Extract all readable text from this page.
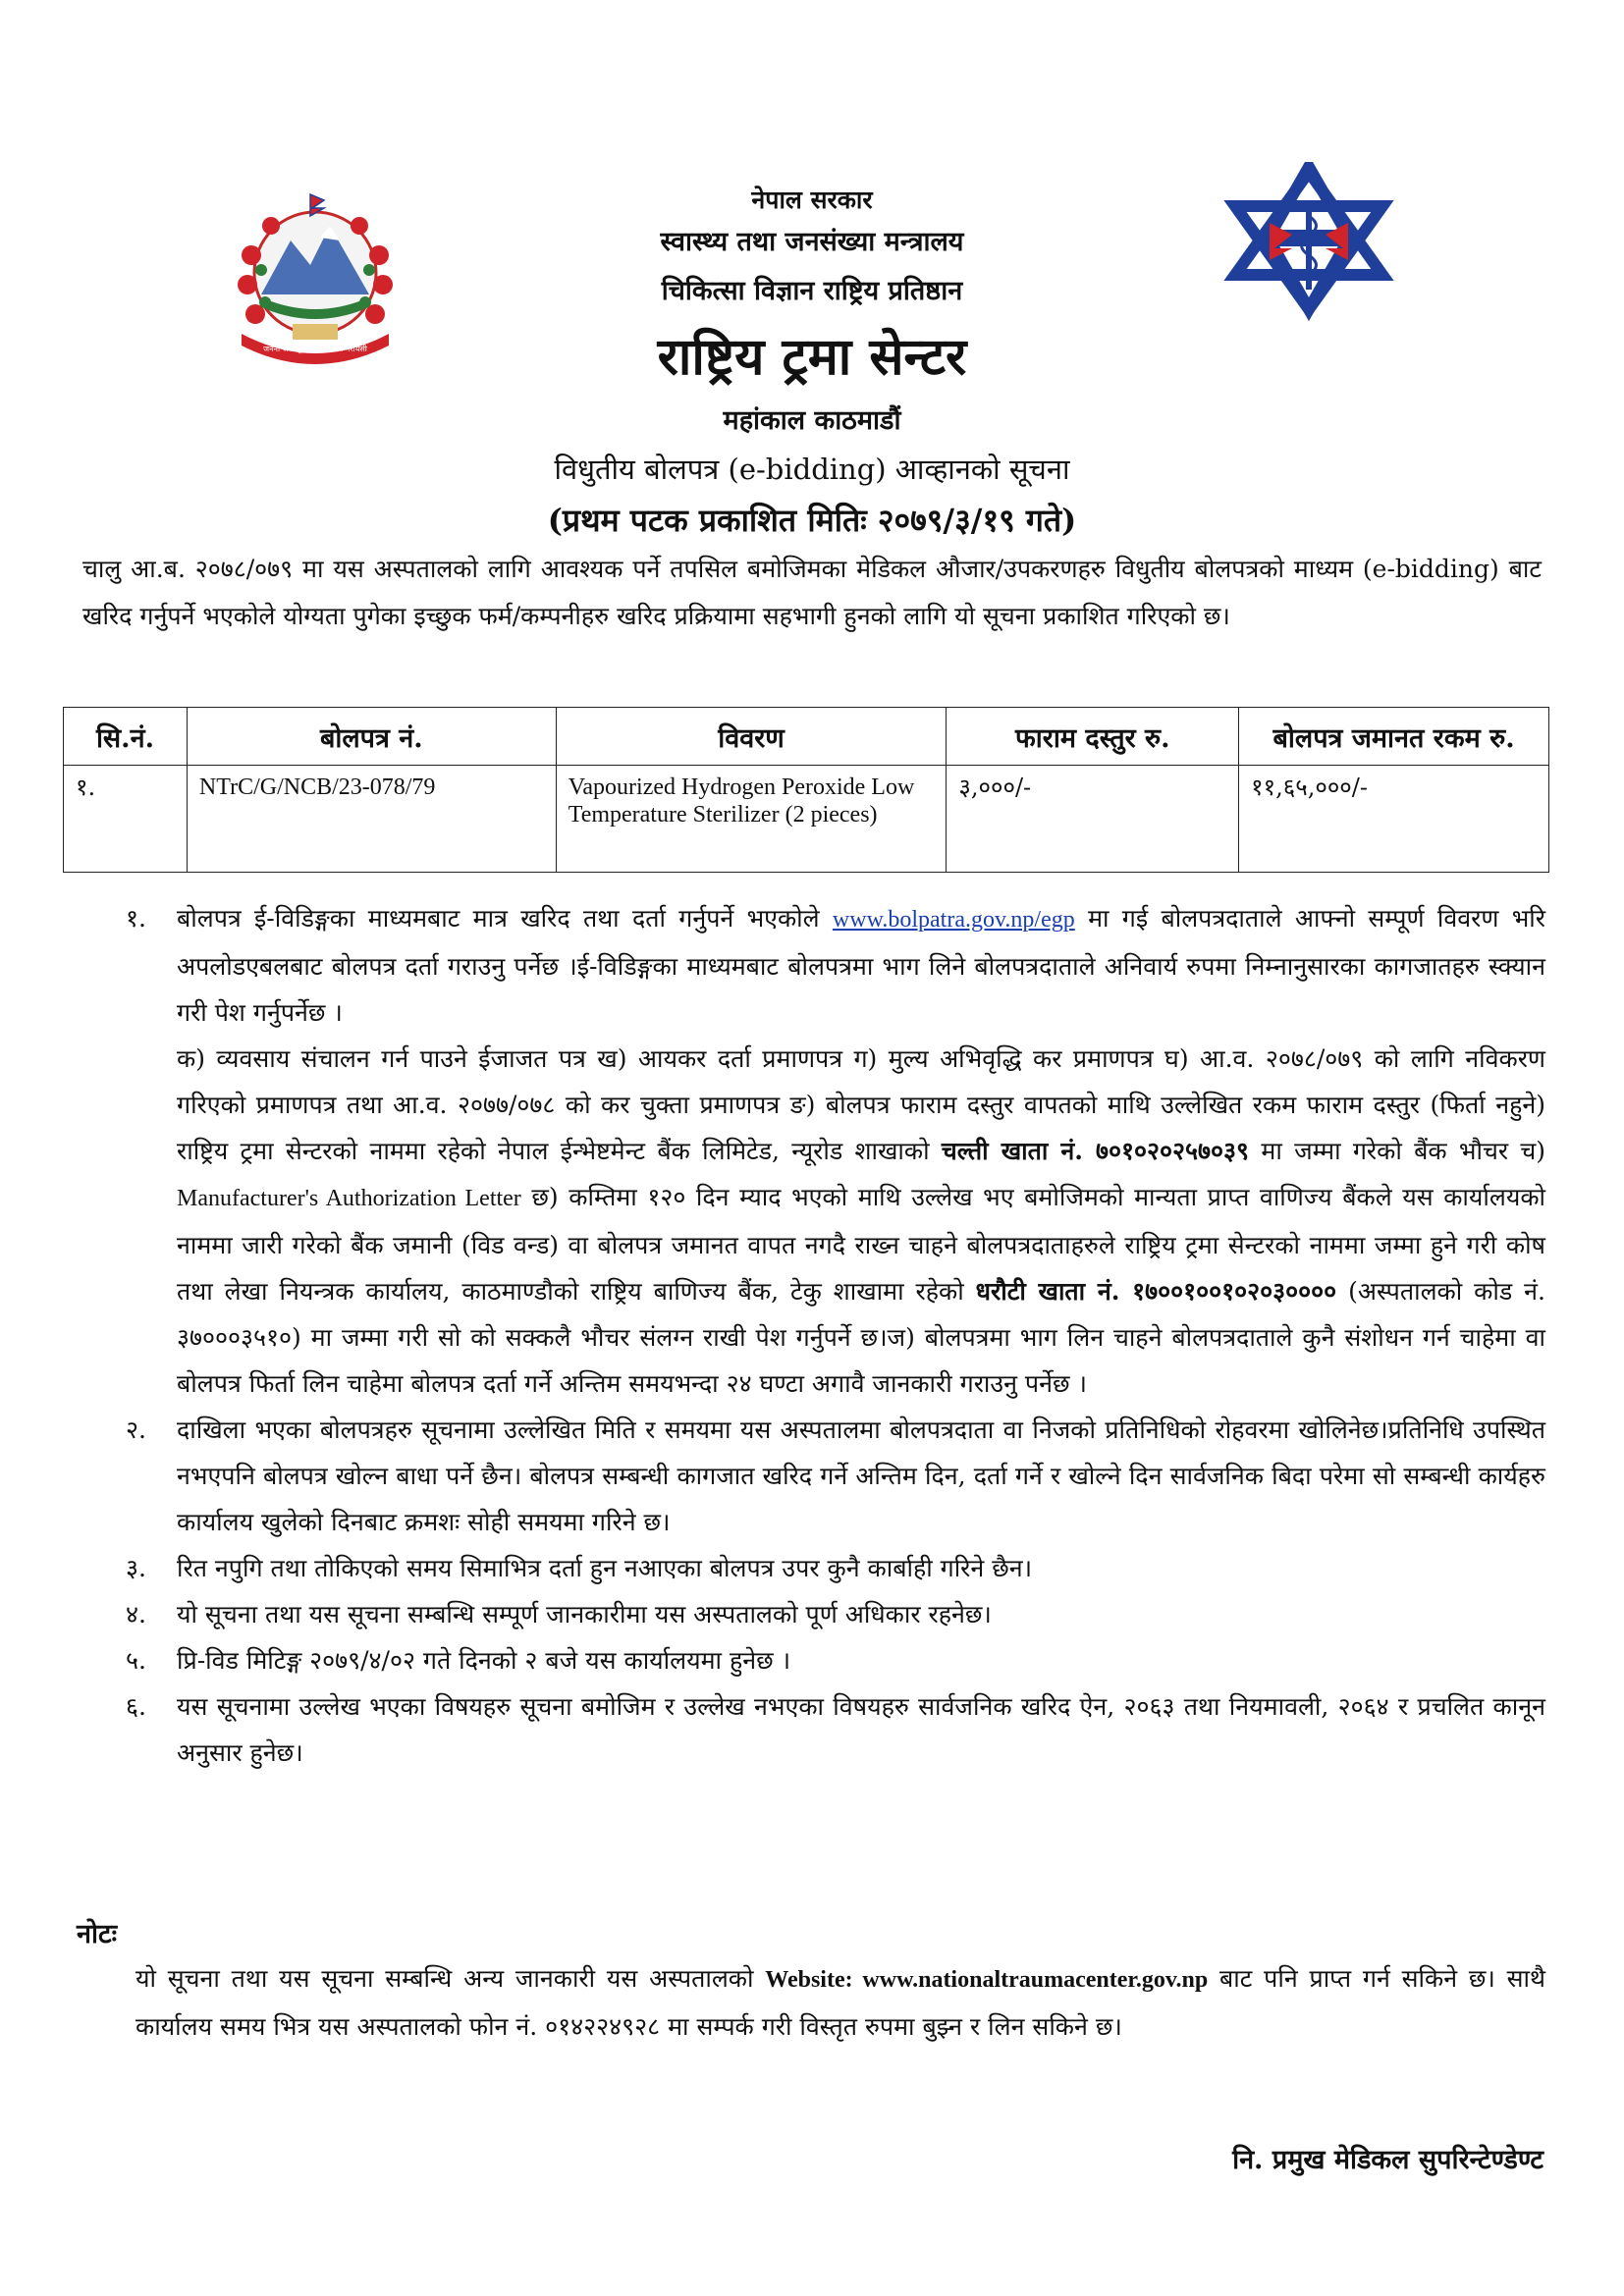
जननी जन्मभूमिश्च स्वर्गादपि गरीयसी
नेपाल सरकार
स्वास्थ्य तथा जनसंख्या मन्त्रालय
चिकित्सा विज्ञान राष्ट्रिय प्रतिष्ठान
राष्ट्रिय ट्रमा सेन्टर
महांकाल काठमाडौं
विधुतीय बोलपत्र (e-bidding) आव्हानको सूचना
(प्रथम पटक प्रकाशित मितिः २०७९/३/१९ गते)
चालु आ.ब. २०७८/०७९ मा यस अस्पतालको लागि आवश्यक पर्ने तपसिल बमोजिमका मेडिकल औजार/उपकरणहरु विधुतीय बोलपत्रको माध्यम (e-bidding) बाट खरिद गर्नुपर्ने भएकोले योग्यता पुगेका इच्छुक फर्म/कम्पनीहरु खरिद प्रक्रियामा सहभागी हुनको लागि यो सूचना प्रकाशित गरिएको छ।
सि.नं.	बोलपत्र नं.	विवरण	फाराम दस्तुर रु.	बोलपत्र जमानत रकम रु.
१.	NTrC/G/NCB/23-078/79	Vapourized Hydrogen Peroxide Low Temperature Sterilizer (2 pieces)	३,०००/-	११,६५,०००/-
१.	बोलपत्र ई-विडिङ्गका माध्यमबाट मात्र खरिद तथा दर्ता गर्नुपर्ने भएकोले www.bolpatra.gov.np/egp मा गई बोलपत्रदाताले आफ्नो सम्पूर्ण विवरण भरि अपलोडएबलबाट बोलपत्र दर्ता गराउनु पर्नेछ ।ई-विडिङ्गका माध्यमबाट बोलपत्रमा भाग लिने बोलपत्रदाताले अनिवार्य रुपमा निम्नानुसारका कागजातहरु स्क्यान गरी पेश गर्नुपर्नेछ ।
क) व्यवसाय संचालन गर्न पाउने ईजाजत पत्र ख) आयकर दर्ता प्रमाणपत्र ग) मुल्य अभिवृद्धि कर प्रमाणपत्र घ) आ.व. २०७८/०७९ को लागि नविकरण गरिएको प्रमाणपत्र तथा आ.व. २०७७/०७८ को कर चुक्ता प्रमाणपत्र ङ) बोलपत्र फाराम दस्तुर वापतको माथि उल्लेखित रकम फाराम दस्तुर (फिर्ता नहुने) राष्ट्रिय ट्रमा सेन्टरको नाममा रहेको नेपाल ईन्भेष्टमेन्ट बैंक लिमिटेड, न्यूरोड शाखाको चल्ती खाता नं. ७०१०२०२५७०३९ मा जम्मा गरेको बैंक भौचर च) Manufacturer's Authorization Letter छ) कम्तिमा १२० दिन म्याद भएको माथि उल्लेख भए बमोजिमको मान्यता प्राप्त वाणिज्य बैंकले यस कार्यालयको नाममा जारी गरेको बैंक जमानी (विड वन्ड) वा बोलपत्र जमानत वापत नगदै राख्न चाहने बोलपत्रदाताहरुले राष्ट्रिय ट्रमा सेन्टरको नाममा जम्मा हुने गरी कोष तथा लेखा नियन्त्रक कार्यालय, काठमाण्डौको राष्ट्रिय बाणिज्य बैंक, टेकु शाखामा रहेको धरौटी खाता नं. १७००१००१०२०३०००० (अस्पतालको कोड नं. ३७०००३५१०) मा जम्मा गरी सो को सक्कलै भौचर संलग्न राखी पेश गर्नुपर्ने छ।ज) बोलपत्रमा भाग लिन चाहने बोलपत्रदाताले कुनै संशोधन गर्न चाहेमा वा बोलपत्र फिर्ता लिन चाहेमा बोलपत्र दर्ता गर्ने अन्तिम समयभन्दा २४ घण्टा अगावै जानकारी गराउनु पर्नेछ ।
२.	दाखिला भएका बोलपत्रहरु सूचनामा उल्लेखित मिति र समयमा यस अस्पतालमा बोलपत्रदाता वा निजको प्रतिनिधिको रोहवरमा खोलिनेछ।प्रतिनिधि उपस्थित नभएपनि बोलपत्र खोल्न बाधा पर्ने छैन। बोलपत्र सम्बन्धी कागजात खरिद गर्ने अन्तिम दिन, दर्ता गर्ने र खोल्ने दिन सार्वजनिक बिदा परेमा सो सम्बन्धी कार्यहरु कार्यालय खुलेको दिनबाट क्रमशः सोही समयमा गरिने छ।
३.	रित नपुगि तथा तोकिएको समय सिमाभित्र दर्ता हुन नआएका बोलपत्र उपर कुनै कार्बाही गरिने छैन।
४.	यो सूचना तथा यस सूचना सम्बन्धि सम्पूर्ण जानकारीमा यस अस्पतालको पूर्ण अधिकार रहनेछ।
५.	प्रि-विड मिटिङ्ग २०७९/४/०२ गते दिनको २ बजे यस कार्यालयमा हुनेछ ।
६.	यस सूचनामा उल्लेख भएका विषयहरु सूचना बमोजिम र उल्लेख नभएका विषयहरु सार्वजनिक खरिद ऐन, २०६३ तथा नियमावली, २०६४ र प्रचलित कानून अनुसार हुनेछ।
नोटः
यो सूचना तथा यस सूचना सम्बन्धि अन्य जानकारी यस अस्पतालको Website: www.nationaltraumacenter.gov.np बाट पनि प्राप्त गर्न सकिने छ। साथै कार्यालय समय भित्र यस अस्पतालको फोन नं. ०१४२२४९२८ मा सम्पर्क गरी विस्तृत रुपमा बुझ्न र लिन सकिने छ।
नि. प्रमुख मेडिकल सुपरिन्टेण्डेण्ट
